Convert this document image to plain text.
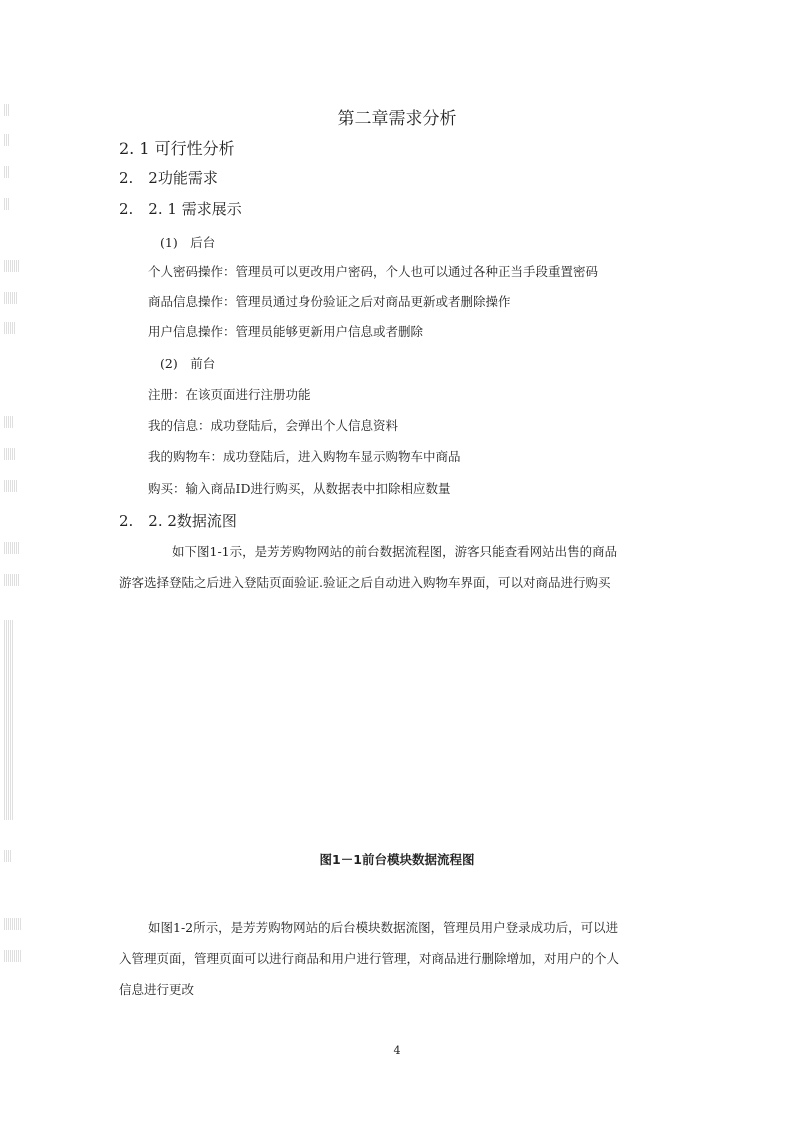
第二章需求分析
2. 1 可行性分析
2.　2功能需求
2.　2. 1 需求展示
(1)　后台
个人密码操作：管理员可以更改用户密码，个人也可以通过各种正当手段重置密码
商品信息操作：管理员通过身份验证之后对商品更新或者删除操作
用户信息操作：管理员能够更新用户信息或者删除
(2)　前台
注册：在该页面进行注册功能
我的信息：成功登陆后，会弹出个人信息资料
我的购物车：成功登陆后，进入购物车显示购物车中商品
购买：输入商品ID进行购买，从数据表中扣除相应数量
2.　2. 2数据流图
如下图1-1示，是芳芳购物网站的前台数据流程图，游客只能查看网站出售的商品
游客选择登陆之后进入登陆页面验证.验证之后自动进入购物车界面，可以对商品进行购买
图1－1前台模块数据流程图
如图1-2所示，是芳芳购物网站的后台模块数据流图，管理员用户登录成功后，可以进
入管理页面，管理页面可以进行商品和用户进行管理，对商品进行删除增加，对用户的个人
信息进行更改
4
